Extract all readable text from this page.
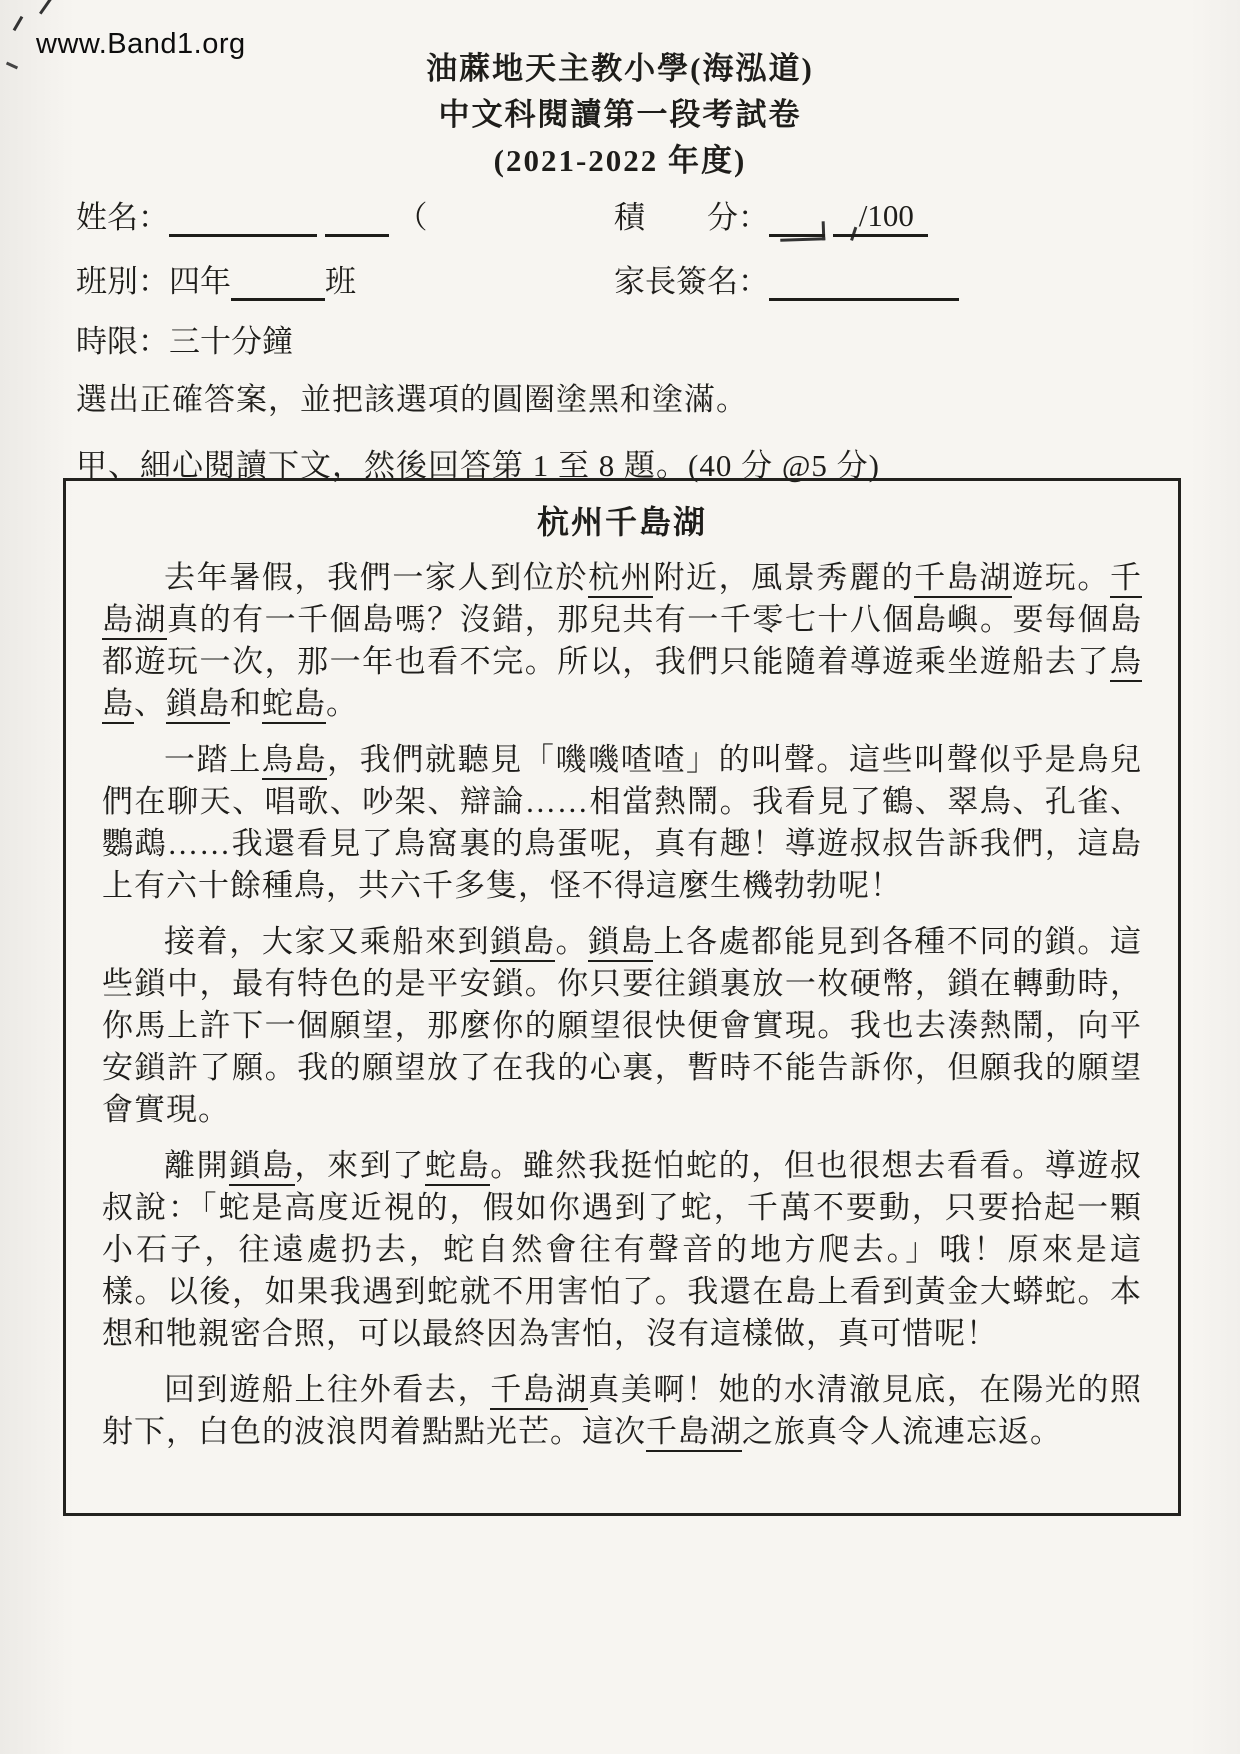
www.Band1.org
油蔴地天主教小學(海泓道)
中文科閱讀第一段考試卷
(2021-2022 年度)
姓名：	（	積　　分：	/100
班別：四年	班	家長簽名：
時限：三十分鐘
選出正確答案，並把該選項的圓圈塗黑和塗滿。
甲、細心閱讀下文，然後回答第 1 至 8 題。(40 分 @5 分)
杭州千島湖

去年暑假，我們一家人到位於杭州附近，風景秀麗的千島湖遊玩。千島湖真的有一千個島嗎？沒錯，那兒共有一千零七十八個島嶼。要每個島都遊玩一次，那一年也看不完。所以，我們只能隨着導遊乘坐遊船去了鳥島、鎖島和蛇島。

一踏上鳥島，我們就聽見「嘰嘰喳喳」的叫聲。這些叫聲似乎是鳥兒們在聊天、唱歌、吵架、辯論……相當熱鬧。我看見了鶴、翠鳥、孔雀、鸚鵡……我還看見了鳥窩裏的鳥蛋呢，真有趣！導遊叔叔告訴我們，這島上有六十餘種鳥，共六千多隻，怪不得這麼生機勃勃呢！

接着，大家又乘船來到鎖島。鎖島上各處都能見到各種不同的鎖。這些鎖中，最有特色的是平安鎖。你只要往鎖裏放一枚硬幣，鎖在轉動時，你馬上許下一個願望，那麼你的願望很快便會實現。我也去湊熱鬧，向平安鎖許了願。我的願望放了在我的心裏，暫時不能告訴你，但願我的願望會實現。

離開鎖島，來到了蛇島。雖然我挺怕蛇的，但也很想去看看。導遊叔叔說：「蛇是高度近視的，假如你遇到了蛇，千萬不要動，只要拾起一顆小石子，往遠處扔去，蛇自然會往有聲音的地方爬去。」哦！原來是這樣。以後，如果我遇到蛇就不用害怕了。我還在島上看到黃金大蟒蛇。本想和牠親密合照，可以最終因為害怕，沒有這樣做，真可惜呢！

回到遊船上往外看去，千島湖真美啊！她的水清澈見底，在陽光的照射下，白色的波浪閃着點點光芒。這次千島湖之旅真令人流連忘返。
